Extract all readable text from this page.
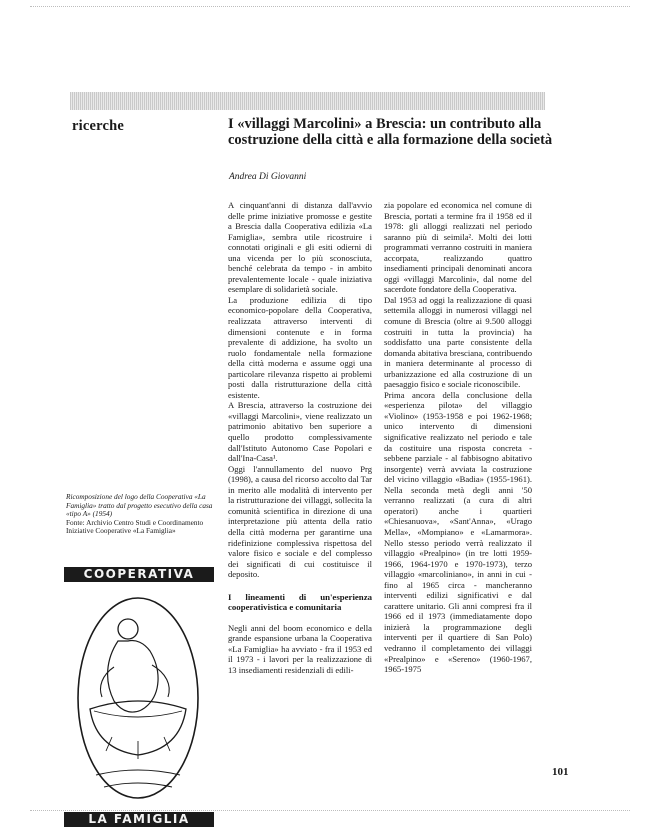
ricerche	I «villaggi Marcolini» a Brescia: un contributo alla costruzione della città e alla formazione della società
Andrea Di Giovanni

A cinquant'anni di distanza dall'avvio delle prime iniziative promosse e gestite a Brescia dalla Cooperativa edilizia «La Famiglia», sembra utile ricostruire i connotati originali e gli esiti odierni di una vicenda per lo più sconosciuta, benché celebrata da tempo - in ambito prevalentemente locale - quale iniziativa esemplare di solidarietà sociale.

La produzione edilizia di tipo economico-popolare della Cooperativa, realizzata attraverso interventi di dimensioni contenute e in forma prevalente di addizione, ha svolto un ruolo fondamentale nella formazione della città moderna e assume oggi una particolare rilevanza rispetto ai problemi posti dalla ristrutturazione della città esistente.

A Brescia, attraverso la costruzione dei «villaggi Marcolini», viene realizzato un patrimonio abitativo ben superiore a quello prodotto complessivamente dall'Istituto Autonomo Case Popolari e dall'Ina-Casa¹.

Oggi l'annullamento del nuovo Prg (1998), a causa del ricorso accolto dal Tar in merito alle modalità di intervento per la ristrutturazione dei villaggi, sollecita la comunità scientifica in direzione di una interpretazione più attenta della ratio della città moderna per garantirne una ridefinizione complessiva rispettosa del valore fisico e sociale e del complesso dei significati di cui costituisce il deposito.

I lineamenti di un'esperienza cooperativistica e comunitaria

Negli anni del boom economico e della grande espansione urbana la Cooperativa «La Famiglia» ha avviato - fra il 1953 ed il 1973 - i lavori per la realizzazione di 13 insediamenti residenziali di edili-

zia popolare ed economica nel comune di Brescia, portati a termine fra il 1958 ed il 1978: gli alloggi realizzati nel periodo saranno più di seimila². Molti dei lotti programmati verranno costruiti in maniera accorpata, realizzando quattro insediamenti principali denominati ancora oggi «villaggi Marcolini», dal nome del sacerdote fondatore della Cooperativa.

Dal 1953 ad oggi la realizzazione di quasi settemila alloggi in numerosi villaggi nel comune di Brescia (oltre ai 9.500 alloggi costruiti in tutta la provincia) ha soddisfatto una parte consistente della domanda abitativa bresciana, contribuendo in maniera determinante al processo di urbanizzazione ed alla costruzione di un paesaggio fisico e sociale riconoscibile.

Prima ancora della conclusione della «esperienza pilota» del villaggio «Violino» (1953-1958 e poi 1962-1968; unico intervento di dimensioni significative realizzato nel periodo e tale da costituire una risposta concreta - sebbene parziale - al fabbisogno abitativo insorgente) verrà avviata la costruzione del vicino villaggio «Badia» (1955-1961). Nella seconda metà degli anni '50 verranno realizzati (a cura di altri operatori) anche i quartieri «Chiesanuova», «Sant'Anna», «Urago Mella», «Mompiano» e «Lamarmora». Nello stesso periodo verrà realizzato il villaggio «Prealpino» (in tre lotti 1959-1966, 1964-1970 e 1970-1973), terzo villaggio «marcoliniano», in anni in cui - fino al 1965 circa - mancheranno interventi edilizi significativi e dal carattere unitario. Gli anni compresi fra il 1966 ed il 1973 (immediatamente dopo inizierà la programmazione degli interventi per il quartiere di San Polo) vedranno il completamento dei villaggi «Prealpino» e «Sereno» (1960-1967, 1965-1975

Ricomposizione del logo della Cooperativa «La Famiglia» tratto dal progetto esecutivo della casa «tipo A» (1954)
Fonte: Archivio Centro Studi e Coordinamento Iniziative Cooperative «La Famiglia»
COOPERATIVA
LA FAMIGLIA
101
